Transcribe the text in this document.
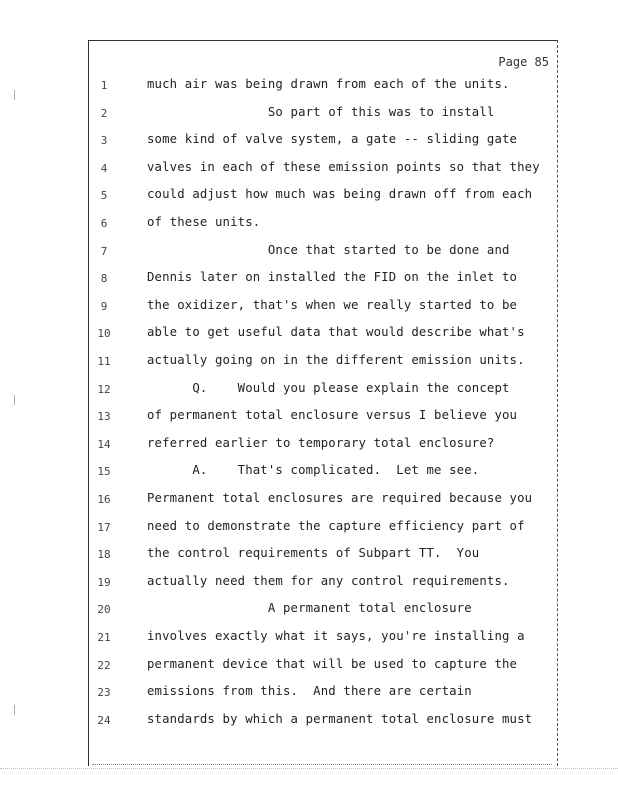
Page 85
1	much air was being drawn from each of the units.
2	So part of this was to install
3	some kind of valve system, a gate -- sliding gate
4	valves in each of these emission points so that they
5	could adjust how much was being drawn off from each
6	of these units.
7	Once that started to be done and
8	Dennis later on installed the FID on the inlet to
9	the oxidizer, that's when we really started to be
10	able to get useful data that would describe what's
11	actually going on in the different emission units.
12	Q.    Would you please explain the concept
13	of permanent total enclosure versus I believe you
14	referred earlier to temporary total enclosure?
15	A.    That's complicated.  Let me see.
16	Permanent total enclosures are required because you
17	need to demonstrate the capture efficiency part of
18	the control requirements of Subpart TT.  You
19	actually need them for any control requirements.
20	A permanent total enclosure
21	involves exactly what it says, you're installing a
22	permanent device that will be used to capture the
23	emissions from this.  And there are certain
24	standards by which a permanent total enclosure must
